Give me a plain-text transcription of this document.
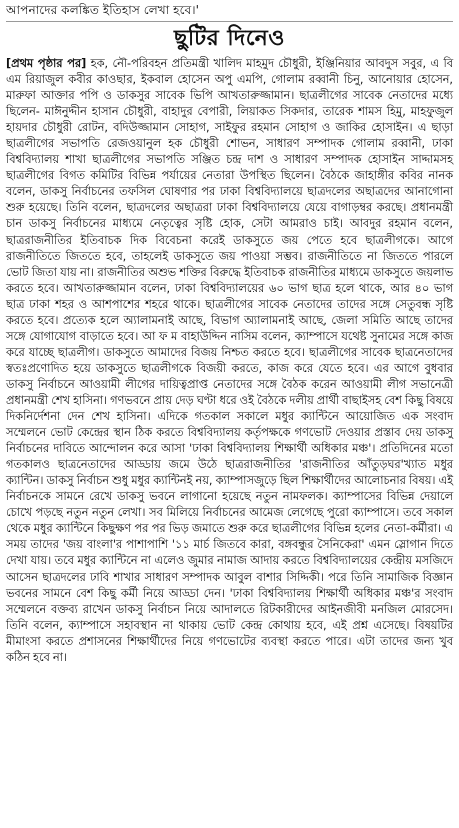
আপনাদের কলঙ্কিত ইতিহাস লেখা হবে।'

ছুটির দিনেও

[প্রথম পৃষ্ঠার পর] হক, নৌ-পরিবহন প্রতিমন্ত্রী খালিদ মাহমুদ চৌধুরী, ইঞ্জিনিয়ার আবদুস সবুর, এ বি এম রিয়াজুল কবীর কাওছার, ইকবাল হোসেন অপু এমপি, গোলাম রব্বানী চিনু, আনোয়ার হোসেন, মারুফা আক্তার পপি ও ডাকসুর সাবেক ভিপি আখতারুজ্জামান। ছাত্রলীগের সাবেক নেতাদের মধ্যে ছিলেন- মাঈনুদ্দীন হাসান চৌধুরী, বাহাদুর বেপারী, লিয়াকত সিকদার, তারেক শামস হিমু, মাহফুজুল হায়দার চৌধুরী রোটন, বদিউজ্জামান সোহাগ, সাইফুর রহমান সোহাগ ও জাকির হোসাইন। এ ছাড়া ছাত্রলীগের সভাপতি রেজওয়ানুল হক চৌধুরী শোভন, সাধারণ সম্পাদক গোলাম রব্বানী, ঢাকা বিশ্ববিদ্যালয় শাখা ছাত্রলীগের সভাপতি সঞ্জিত চন্দ্র দাশ ও সাধারণ সম্পাদক হোসাইন সাদ্দামসহ ছাত্রলীগের বিগত কমিটির বিভিন্ন পর্যায়ের নেতারা উপস্থিত ছিলেন। বৈঠকে জাহাঙ্গীর কবির নানক বলেন, ডাকসু নির্বাচনের তফসিল ঘোষণার পর ঢাকা বিশ্ববিদ্যালয়ে ছাত্রদলের অছাত্রদের আনাগোনা শুরু হয়েছে। তিনি বলেন, ছাত্রদলের অছাত্ররা ঢাকা বিশ্ববিদ্যালয়ে যেয়ে বাগাড়ম্বর করছে। প্রধানমন্ত্রী চান ডাকসু নির্বাচনের মাধ্যমে নেতৃত্বের সৃষ্টি হোক, সেটা আমরাও চাই। আবদুর রহমান বলেন, ছাত্ররাজনীতির ইতিবাচক দিক বিবেচনা করেই ডাকসুতে জয় পেতে হবে ছাত্রলীগকে। আগে রাজনীতিতে জিততে হবে, তাহলেই ডাকসুতে জয় পাওয়া সম্ভব। রাজনীতিতে না জিততে পারলে ভোট জিতা যায় না। রাজনীতির অশুভ শক্তির বিরুদ্ধে ইতিবাচক রাজনীতির মাধ্যমে ডাকসুতে জয়লাভ করতে হবে। আখতারুজ্জামান বলেন, ঢাকা বিশ্ববিদ্যালয়ের ৬০ ভাগ ছাত্র হলে থাকে, আর ৪০ ভাগ ছাত্র ঢাকা শহর ও আশপাশের শহরে থাকে। ছাত্রলীগের সাবেক নেতাদের তাদের সঙ্গে সেতুবন্ধ সৃষ্টি করতে হবে। প্রত্যেক হলে অ্যালামনাই আছে, বিভাগ অ্যালামনাই আছে, জেলা সমিতি আছে তাদের সঙ্গে যোগাযোগ বাড়াতে হবে। আ ফ ম বাহাউদ্দিন নাসিম বলেন, ক্যাম্পাসে যথেষ্ট সুনামের সঙ্গে কাজ করে যাচ্ছে ছাত্রলীগ। ডাকসুতে আমাদের বিজয় নিশ্চত করতে হবে। ছাত্রলীগের সাবেক ছাত্রনেতাদের স্বতঃপ্রণোদিত হয়ে ডাকসুতে ছাত্রলীগকে বিজয়ী করতে, কাজ করে যেতে হবে। এর আগে বুধবার ডাকসু নির্বাচনে আওয়ামী লীগের দায়িত্বপ্রাপ্ত নেতাদের সঙ্গে বৈঠক করেন আওয়ামী লীগ সভানেত্রী প্রধানমন্ত্রী শেখ হাসিনা। গণভবনে প্রায় দেড় ঘণ্টা ধরে ওই বৈঠকে দলীয় প্রার্থী বাছাইসহ বেশ কিছু বিষয়ে দিকনির্দেশনা দেন শেখ হাসিনা। এদিকে গতকাল সকালে মধুর ক্যান্টিনে আয়োজিত এক সংবাদ সম্মেলনে ভোট কেন্দ্রের স্থান ঠিক করতে বিশ্ববিদ্যালয় কর্তৃপক্ষকে গণভোট দেওয়ার প্রস্তাব দেয় ডাকসু নির্বাচনের দাবিতে আন্দোলন করে আসা 'ঢাকা বিশ্ববিদ্যালয় শিক্ষার্থী অধিকার মঞ্চ'। প্রতিদিনের মতো গতকালও ছাত্রনেতাদের আড্ডায় জমে উঠে ছাত্ররাজনীতির 'রাজনীতির আঁতুড়ঘর'খ্যাত মধুর ক্যান্টিন। ডাকসু নির্বাচন শুধু মধুর ক্যান্টিনই নয়, ক্যাম্পাসজুড়ে ছিল শিক্ষার্থীদের আলোচনার বিষয়। এই নির্বাচনকে সামনে রেখে ডাকসু ভবনে লাগানো হয়েছে নতুন নামফলক। ক্যাম্পাসের বিভিন্ন দেয়ালে চোখে পড়ছে নতুন নতুন লেখা। সব মিলিয়ে নির্বাচনের আমেজ লেগেছে পুরো ক্যাম্পাসে। তবে সকাল থেকে মধুর ক্যান্টিনে কিছুক্ষণ পর পর ভিড় জমাতে শুরু করে ছাত্রলীগের বিভিন্ন হলের নেতা-কর্মীরা। এ সময় তাদের 'জয় বাংলা'র পাশাপাশি '১১ মার্চ জিতবে কারা, বঙ্গবন্ধুর সৈনিকেরা' এমন স্লোগান দিতে দেখা যায়। তবে মধুর ক্যান্টিনে না এলেও জুমার নামাজ আদায় করতে বিশ্ববিদ্যালয়ের কেন্দ্রীয় মসজিদে আসেন ছাত্রদলের ঢাবি শাখার সাধারণ সম্পাদক আবুল বাশার সিদ্দিকী। পরে তিনি সামাজিক বিজ্ঞান ভবনের সামনে বেশ কিছু কর্মী নিয়ে আড্ডা দেন। 'ঢাকা বিশ্ববিদ্যালয় শিক্ষার্থী অধিকার মঞ্চ'র সংবাদ সম্মেলনে বক্তব্য রাখেন ডাকসু নির্বাচন নিয়ে আদালতে রিটকারীদের আইনজীবী মনজিল মোরসেদ। তিনি বলেন, ক্যাম্পাসে সহাবস্থান না থাকায় ভোট কেন্দ্র কোথায় হবে, এই প্রশ্ন এসেছে। বিষয়টির মীমাংসা করতে প্রশাসনের শিক্ষার্থীদের নিয়ে গণভোটের ব্যবস্থা করতে পারে। এটা তাদের জন্য খুব কঠিন হবে না।
